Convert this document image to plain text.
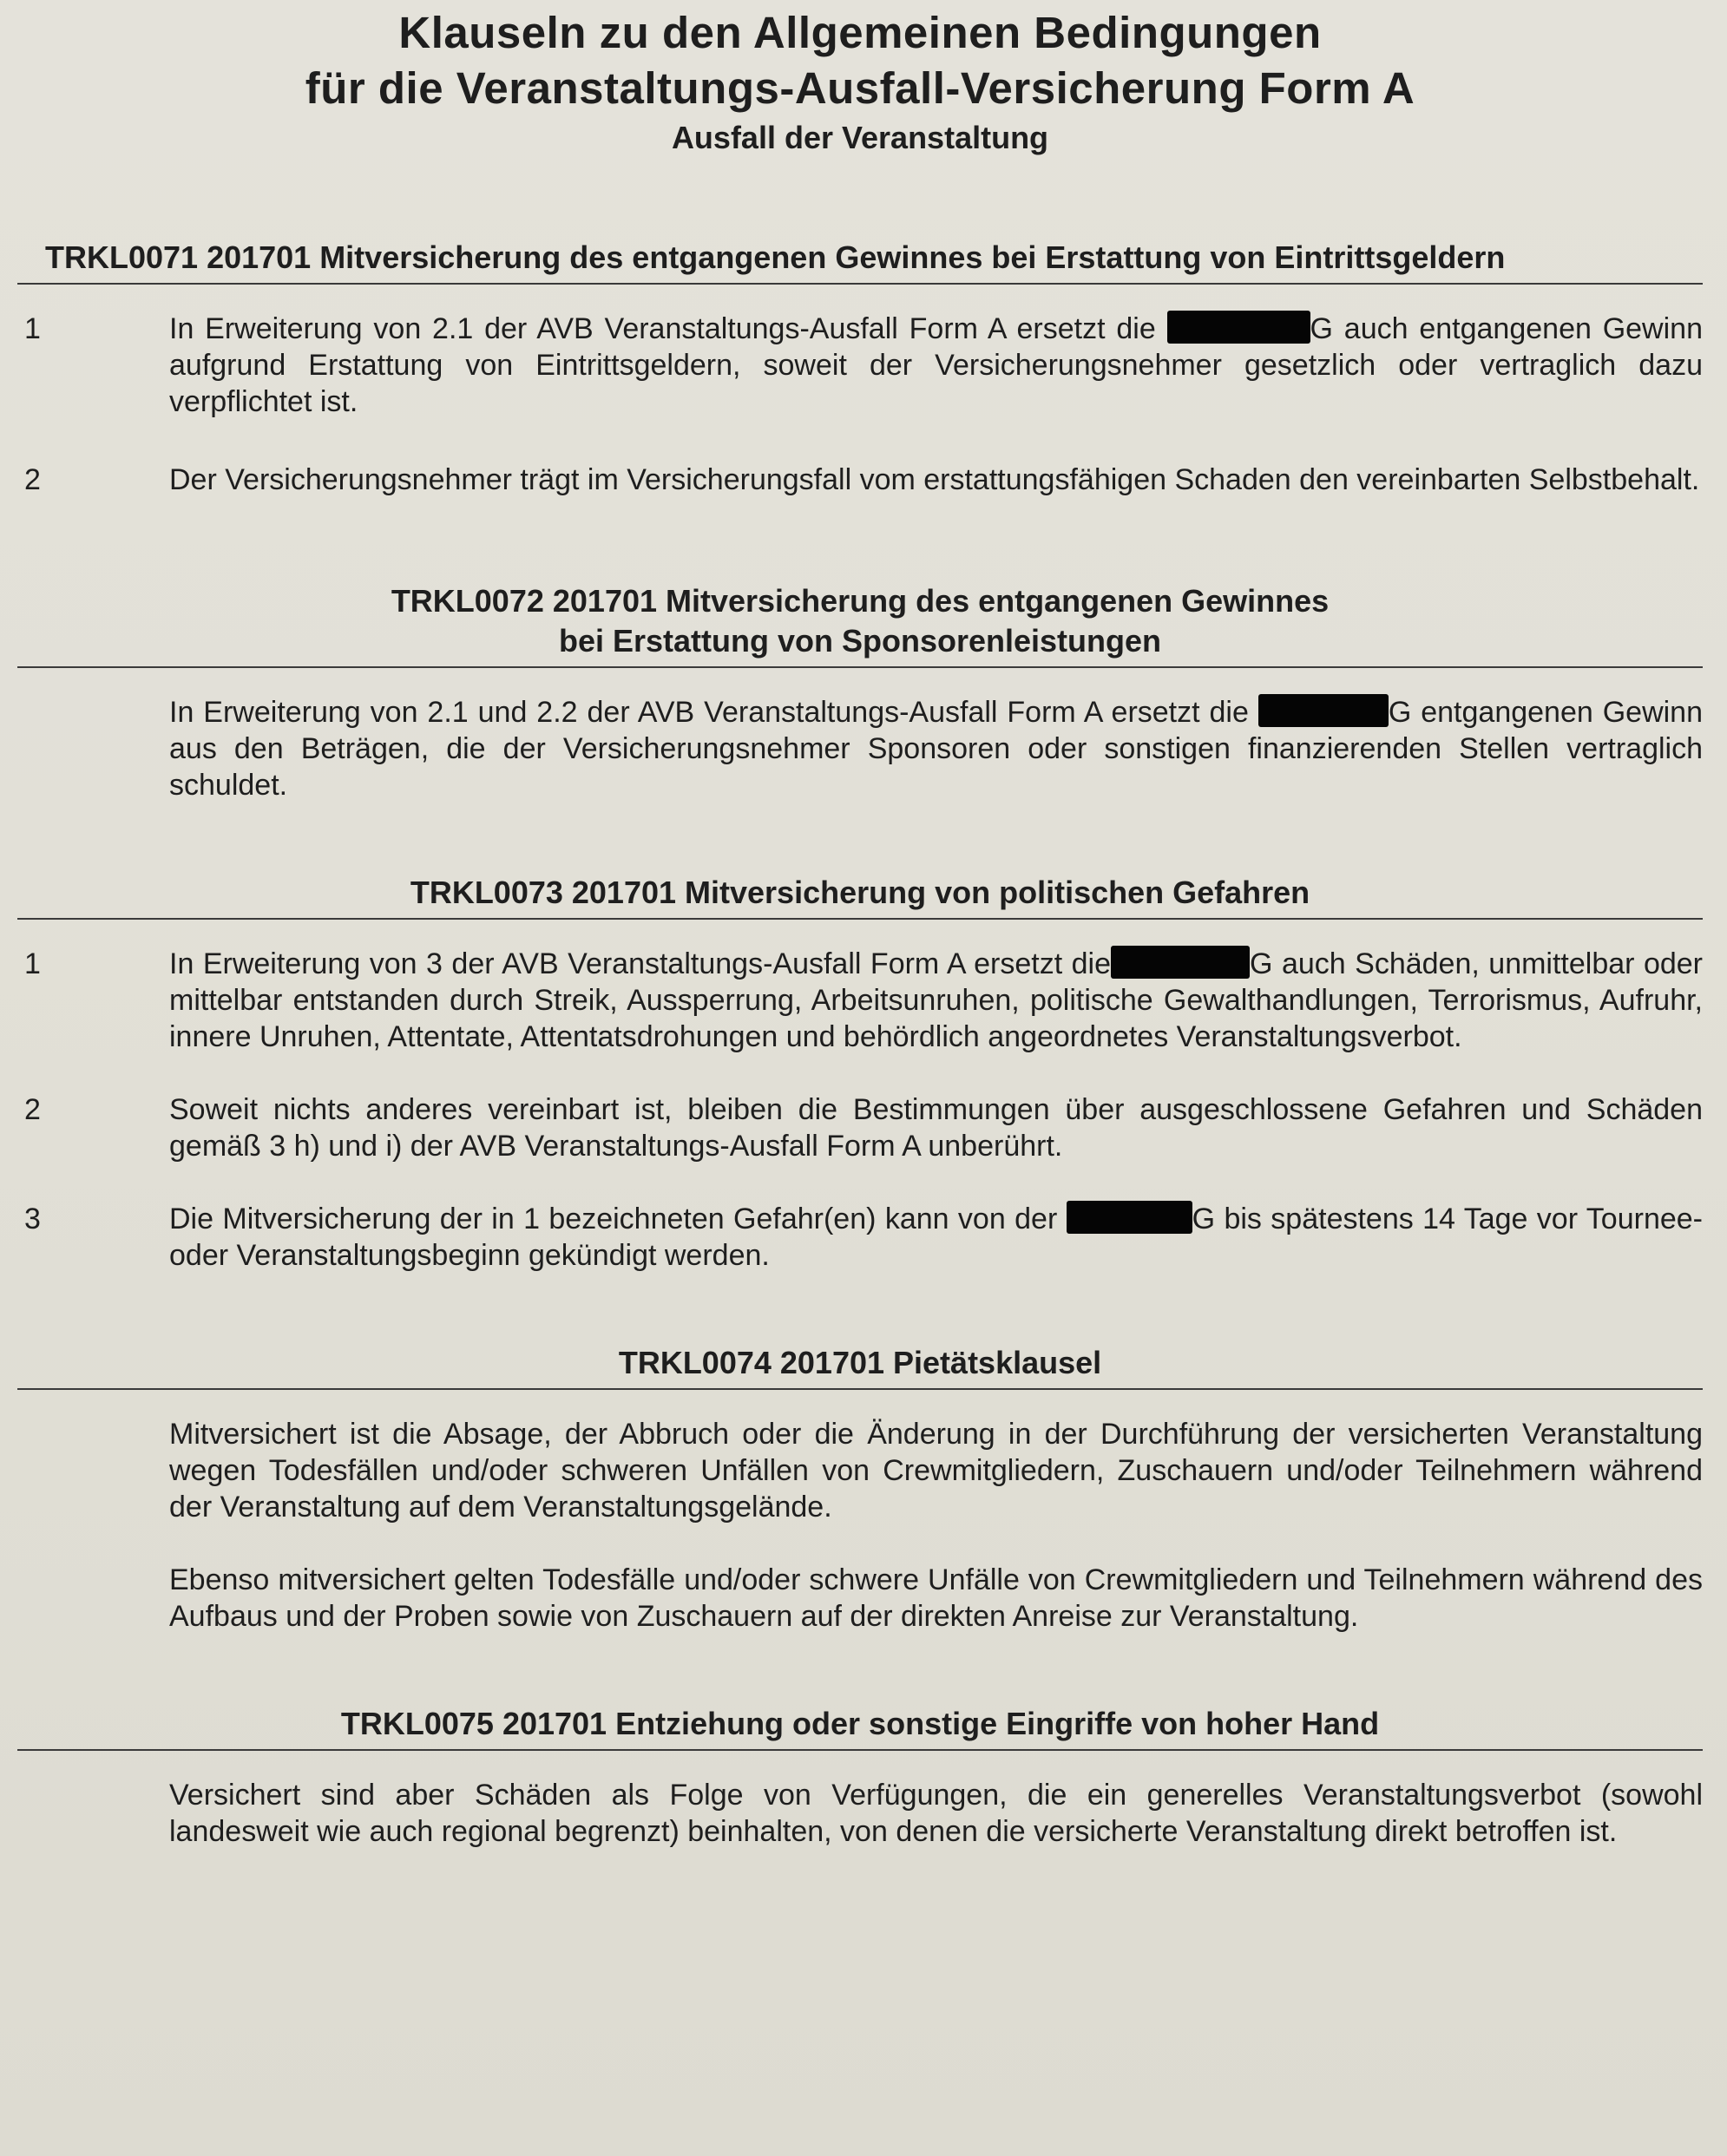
Klauseln zu den Allgemeinen Bedingungen
für die Veranstaltungs-Ausfall-Versicherung Form A
Ausfall der Veranstaltung
TRKL0071 201701 Mitversicherung des entgangenen Gewinnes bei Erstattung von Eintrittsgeldern
1	In Erweiterung von 2.1 der AVB Veranstaltungs-Ausfall Form A ersetzt die	G auch entgangenen Gewinn aufgrund Erstattung von Eintrittsgeldern, soweit der Versicherungsnehmer gesetzlich oder vertraglich dazu verpflichtet ist.
2	Der Versicherungsnehmer trägt im Versicherungsfall vom erstattungsfähigen Schaden den vereinbarten Selbstbehalt.
TRKL0072 201701 Mitversicherung des entgangenen Gewinnes
bei Erstattung von Sponsorenleistungen
In Erweiterung von 2.1 und 2.2 der AVB Veranstaltungs-Ausfall Form A ersetzt die	G entgangenen Gewinn aus den Beträgen, die der Versicherungsnehmer Sponsoren oder sonstigen finanzierenden Stellen vertraglich schuldet.
TRKL0073 201701 Mitversicherung von politischen Gefahren
1	In Erweiterung von 3 der AVB Veranstaltungs-Ausfall Form A ersetzt die	G auch Schäden, unmittelbar oder mittelbar entstanden durch Streik, Aussperrung, Arbeitsunruhen, politische Gewalthandlungen, Terrorismus, Aufruhr, innere Unruhen, Attentate, Attentatsdrohungen und behördlich angeordnetes Veranstaltungsverbot.
2	Soweit nichts anderes vereinbart ist, bleiben die Bestimmungen über ausgeschlossene Gefahren und Schäden gemäß 3 h) und i) der AVB Veranstaltungs-Ausfall Form A unberührt.
3	Die Mitversicherung der in 1 bezeichneten Gefahr(en) kann von der	G bis spätestens 14 Tage vor Tournee- oder Veranstaltungsbeginn gekündigt werden.
TRKL0074 201701 Pietätsklausel
Mitversichert ist die Absage, der Abbruch oder die Änderung in der Durchführung der versicherten Veranstaltung wegen Todesfällen und/oder schweren Unfällen von Crewmitgliedern, Zuschauern und/oder Teilnehmern während der Veranstaltung auf dem Veranstaltungsgelände.
Ebenso mitversichert gelten Todesfälle und/oder schwere Unfälle von Crewmitgliedern und Teilnehmern während des Aufbaus und der Proben sowie von Zuschauern auf der direkten Anreise zur Veranstaltung.
TRKL0075 201701 Entziehung oder sonstige Eingriffe von hoher Hand
Versichert sind aber Schäden als Folge von Verfügungen, die ein generelles Veranstaltungsverbot (sowohl landesweit wie auch regional begrenzt) beinhalten, von denen die versicherte Veranstaltung direkt betroffen ist.
